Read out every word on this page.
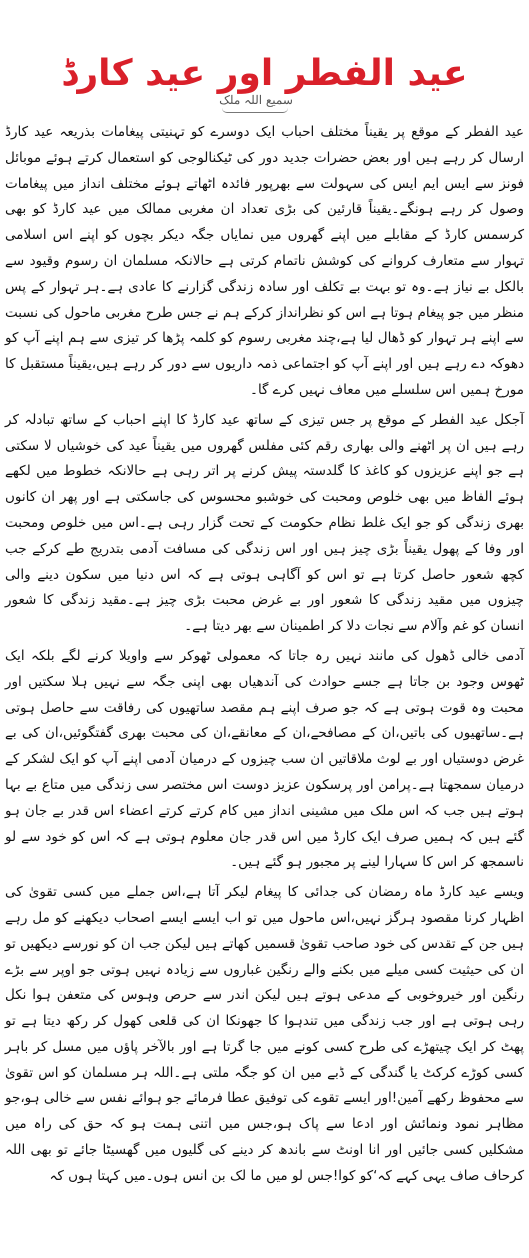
عید الفطر اور عید کارڈ
سمیع اللہ ملک

عید الفطر کے موقع پر یقیناً مختلف احباب ایک دوسرے کو تہنیتی پیغامات بذریعہ عید کارڈ ارسال کر رہے ہیں اور بعض حضرات جدید دور کی ٹیکنالوجی کو استعمال کرتے ہوئے موبائل فونز سے ایس ایم ایس کی سہولت سے بھرپور فائدہ اٹھاتے ہوئے مختلف انداز میں پیغامات وصول کر رہے ہونگے۔یقیناً قارئین کی بڑی تعداد ان مغربی ممالک میں عید کارڈ کو بھی کرسمس کارڈ کے مقابلے میں اپنے گھروں میں نمایاں جگہ دیکر بچوں کو اپنے اس اسلامی تہوار سے متعارف کروانے کی کوشش ناتمام کرتی ہے حالانکہ مسلمان ان رسوم وقیود سے بالکل بے نیاز ہے۔وہ تو بہت بے تکلف اور سادہ زندگی گزارنے کا عادی ہے۔ہر تہوار کے پس منظر میں جو پیغام ہوتا ہے اس کو نظرانداز کرکے ہم نے جس طرح مغربی ماحول کی نسبت سے اپنے ہر تہوار کو ڈھال لیا ہے،چند مغربی رسوم کو کلمہ پڑھا کر تیزی سے ہم اپنے آپ کو دھوکہ دے رہے ہیں اور اپنے آپ کو اجتماعی ذمہ داریوں سے دور کر رہے ہیں،یقیناً مستقبل کا مورخ ہمیں اس سلسلے میں معاف نہیں کرے گا۔

آجکل عید الفطر کے موقع پر جس تیزی کے ساتھ عید کارڈ کا اپنے احباب کے ساتھ تبادلہ کر رہے ہیں ان پر اٹھنے والی بھاری رقم کئی مفلس گھروں میں یقیناً عید کی خوشیاں لا سکتی ہے جو اپنے عزیزوں کو کاغذ کا گلدستہ پیش کرنے پر اتر رہی ہے حالانکہ خطوط میں لکھے ہوئے الفاظ میں بھی خلوص ومحبت کی خوشبو محسوس کی جاسکتی ہے اور پھر ان کانوں بھری زندگی کو جو ایک غلط نظام حکومت کے تحت گزار رہی ہے۔اس میں خلوص ومحبت اور وفا کے پھول یقیناً بڑی چیز ہیں اور اس زندگی کی مسافت آدمی بتدریج طے کرکے جب کچھ شعور حاصل کرتا ہے تو اس کو آگاہی ہوتی ہے کہ اس دنیا میں سکون دینے والی چیزوں میں مقید زندگی کا شعور اور بے غرض محبت بڑی چیز ہے۔مقید زندگی کا شعور انسان کو غم وآلام سے نجات دلا کر اطمینان سے بھر دیتا ہے۔

آدمی خالی ڈھول کی مانند نہیں رہ جاتا کہ معمولی ٹھوکر سے واویلا کرنے لگے بلکہ ایک ٹھوس وجود بن جاتا ہے جسے حوادث کی آندھیاں بھی اپنی جگہ سے نہیں ہلا سکتیں اور محبت وہ قوت ہوتی ہے کہ جو صرف اپنے ہم مقصد ساتھیوں کی رفاقت سے حاصل ہوتی ہے۔ساتھیوں کی باتیں،ان کے مصافحے،ان کے معانقے،ان کی محبت بھری گفتگوئیں،ان کی بے غرض دوستیاں اور بے لوث ملاقاتیں ان سب چیزوں کے درمیان آدمی اپنے آپ کو ایک لشکر کے درمیان سمجھتا ہے۔پرامن اور پرسکون عزیز دوست اس مختصر سی زندگی میں متاع بے بہا ہوتے ہیں جب کہ اس ملک میں مشینی انداز میں کام کرتے کرتے اعضاء اس قدر بے جان ہو گئے ہیں کہ ہمیں صرف ایک کارڈ میں اس قدر جان معلوم ہوتی ہے کہ اس کو خود سے لو ناسمجھ کر اس کا سہارا لینے پر مجبور ہو گئے ہیں۔

ویسے عید کارڈ ماہ رمضان کی جدائی کا پیغام لیکر آتا ہے،اس جملے میں کسی تقویٰ کی اظہار کرنا مقصود ہرگز نہیں،اس ماحول میں تو اب ایسے ایسے اصحاب دیکھنے کو مل رہے ہیں جن کے تقدس کی خود صاحب تقویٰ قسمیں کھاتے ہیں لیکن جب ان کو نورسے دیکھیں تو ان کی حیثیت کسی میلے میں بکنے والے رنگین غباروں سے زیادہ نہیں ہوتی جو اوپر سے بڑے رنگین اور خیروخوبی کے مدعی ہوتے ہیں لیکن اندر سے حرص وہوس کی متعفن ہوا نکل رہی ہوتی ہے اور جب زندگی میں تندہوا کا جھونکا ان کی قلعی کھول کر رکھ دیتا ہے تو پھٹ کر ایک چیتھڑے کی طرح کسی کونے میں جا گرتا ہے اور بالآخر پاؤں میں مسل کر باہر کسی کوڑے کرکٹ یا گندگی کے ڈبے میں ان کو جگہ ملتی ہے۔اللہ ہر مسلمان کو اس تقویٰ سے محفوظ رکھے آمین!اور ایسے تقوے کی توفیق عطا فرمائے جو ہوائے نفس سے خالی ہو،جو مظاہر نمود ونمائش اور ادعا سے پاک ہو،جس میں اتنی ہمت ہو کہ حق کی راہ میں مشکلیں کسی جائیں اور انا اونٹ سے باندھ کر دینے کی گلیوں میں گھسیٹا جائے تو بھی اللہ کرحاف صاف یہی کہے کہ‘کو کوا!جس لو میں ما لک بن انس ہوں۔میں کہتا ہوں کہ
